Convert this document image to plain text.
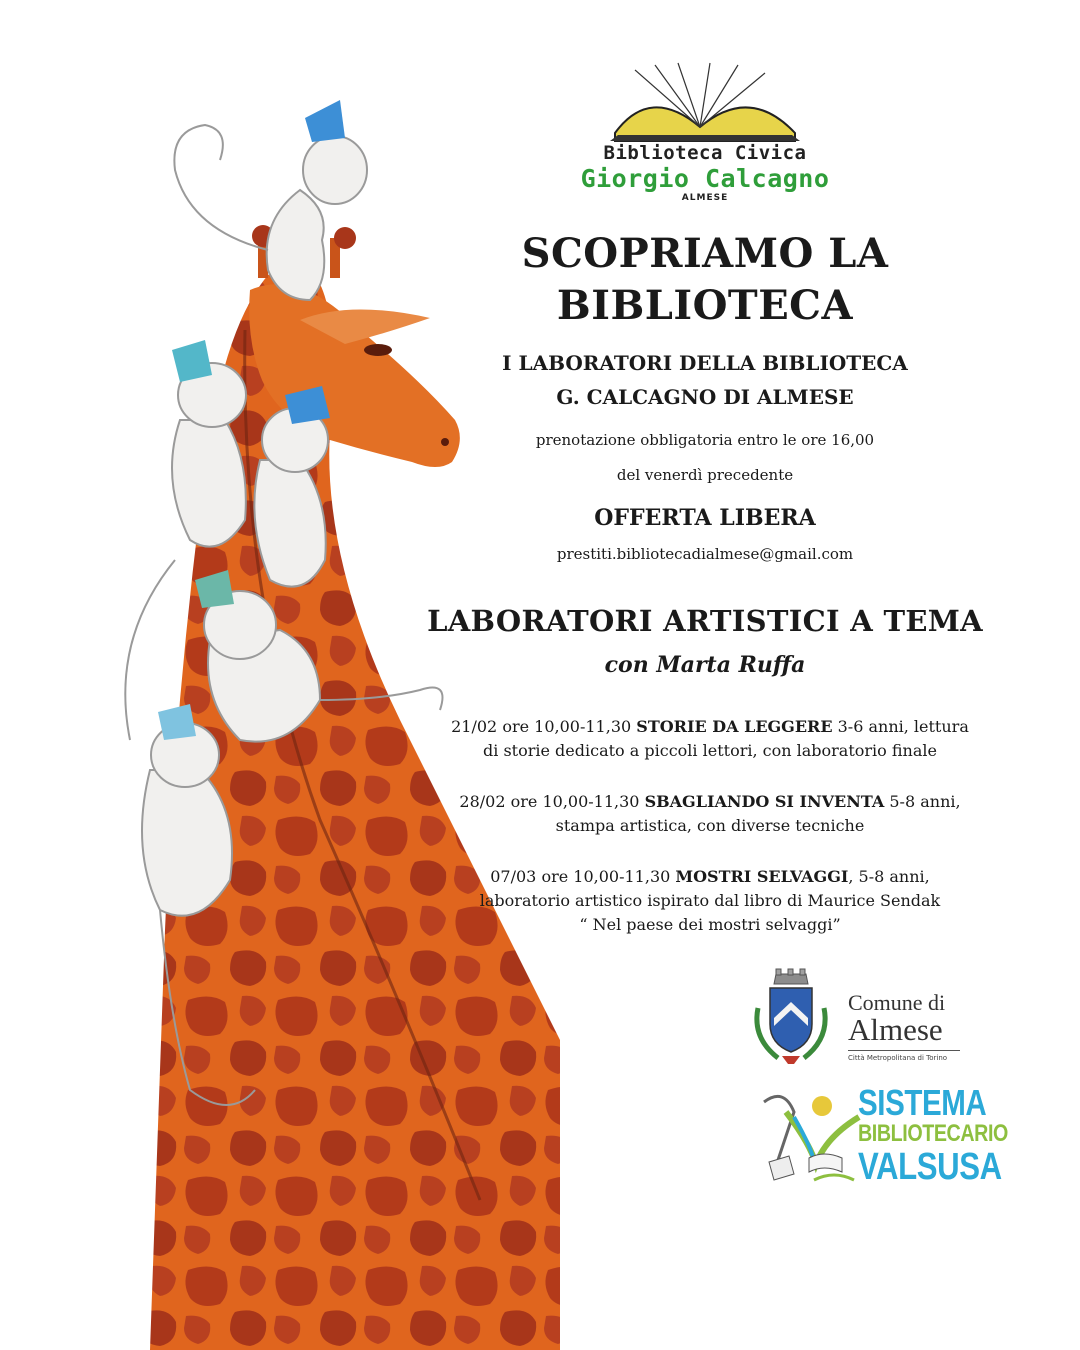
Biblioteca Civica
Giorgio Calcagno
ALMESE
SCOPRIAMO LA
BIBLIOTECA
I LABORATORI DELLA BIBLIOTECA
G. CALCAGNO DI ALMESE
prenotazione obbligatoria entro le ore 16,00
del venerdì precedente
OFFERTA LIBERA
prestiti.bibliotecadialmese@gmail.com
LABORATORI ARTISTICI A TEMA
con Marta Ruffa
21/02 ore 10,00-11,30 STORIE DA LEGGERE 3-6 anni, lettura
di storie dedicato a piccoli lettori, con laboratorio finale
28/02 ore 10,00-11,30 SBAGLIANDO SI INVENTA 5-8 anni,
stampa artistica, con diverse tecniche
07/03 ore 10,00-11,30 MOSTRI SELVAGGI, 5-8 anni,
laboratorio artistico ispirato dal libro di Maurice Sendak
“ Nel paese dei mostri selvaggi”
Comune di
Almese
Città Metropolitana di Torino
SISTEMA
BIBLIOTECARIO
VALSUSA
